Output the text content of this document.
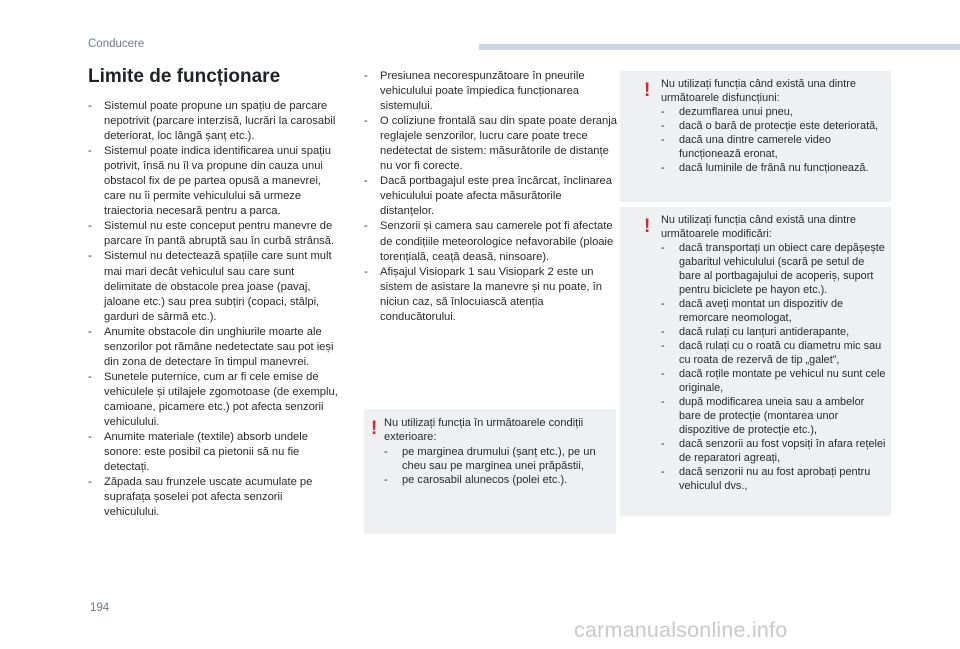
Conducere
Limite de funcționare
- Sistemul poate propune un spațiu de parcare nepotrivit (parcare interzisă, lucrări la carosabil deteriorat, loc lângă șanț etc.).
- Sistemul poate indica identificarea unui spațiu potrivit, însă nu îl va propune din cauza unui obstacol fix de pe partea opusă a manevrei, care nu îi permite vehiculului să urmeze traiectoria necesară pentru a parca.
- Sistemul nu este conceput pentru manevre de parcare în pantă abruptă sau în curbă strânsă.
- Sistemul nu detectează spațiile care sunt mult mai mari decât vehiculul sau care sunt delimitate de obstacole prea joase (pavaj, jaloane etc.) sau prea subțiri (copaci, stâlpi, garduri de sârmă etc.).
- Anumite obstacole din unghiurile moarte ale senzorilor pot rămâne nedetectate sau pot ieși din zona de detectare în timpul manevrei.
- Sunetele puternice, cum ar fi cele emise de vehiculele și utilajele zgomotoase (de exemplu, camioane, picamere etc.) pot afecta senzorii vehiculului.
- Anumite materiale (textile) absorb undele sonore: este posibil ca pietonii să nu fie detectați.
- Zăpada sau frunzele uscate acumulate pe suprafața șoselei pot afecta senzorii vehiculului.
- Presiunea necorespunzătoare în pneurile vehiculului poate împiedica funcționarea sistemului.
- O coliziune frontală sau din spate poate deranja reglajele senzorilor, lucru care poate trece nedetectat de sistem: măsurătorile de distanțe nu vor fi corecte.
- Dacă portbagajul este prea încărcat, înclinarea vehiculului poate afecta măsurătorile distanțelor.
- Senzorii și camera sau camerele pot fi afectate de condițiile meteorologice nefavorabile (ploaie torențială, ceață deasă, ninsoare).
- Afișajul Visiopark 1 sau Visiopark 2 este un sistem de asistare la manevre și nu poate, în niciun caz, să înlocuiască atenția conducătorului.
! Nu utilizați funcția în următoarele condiții exterioare:
- pe marginea drumului (șanț etc.), pe un cheu sau pe marginea unei prăpăstii,
- pe carosabil alunecos (polei etc.).
! Nu utilizați funcția când există una dintre următoarele disfuncțiuni:
- dezumflarea unui pneu,
- dacă o bară de protecție este deteriorată,
- dacă una dintre camerele video funcționează eronat,
- dacă luminile de frână nu funcționează.
! Nu utilizați funcția când există una dintre următoarele modificări:
- dacă transportați un obiect care depășește gabaritul vehiculului (scară pe setul de bare al portbagajului de acoperiș, suport pentru biciclete pe hayon etc.).
- dacă aveți montat un dispozitiv de remorcare neomologat,
- dacă rulați cu lanțuri antiderapante,
- dacă rulați cu o roată cu diametru mic sau cu roata de rezervă de tip „galet”,
- dacă roțile montate pe vehicul nu sunt cele originale,
- după modificarea uneia sau a ambelor bare de protecție (montarea unor dispozitive de protecție etc.),
- dacă senzorii au fost vopsiți în afara rețelei de reparatori agreați,
- dacă senzorii nu au fost aprobați pentru vehiculul dvs.,
194
carmanualsonline.info
